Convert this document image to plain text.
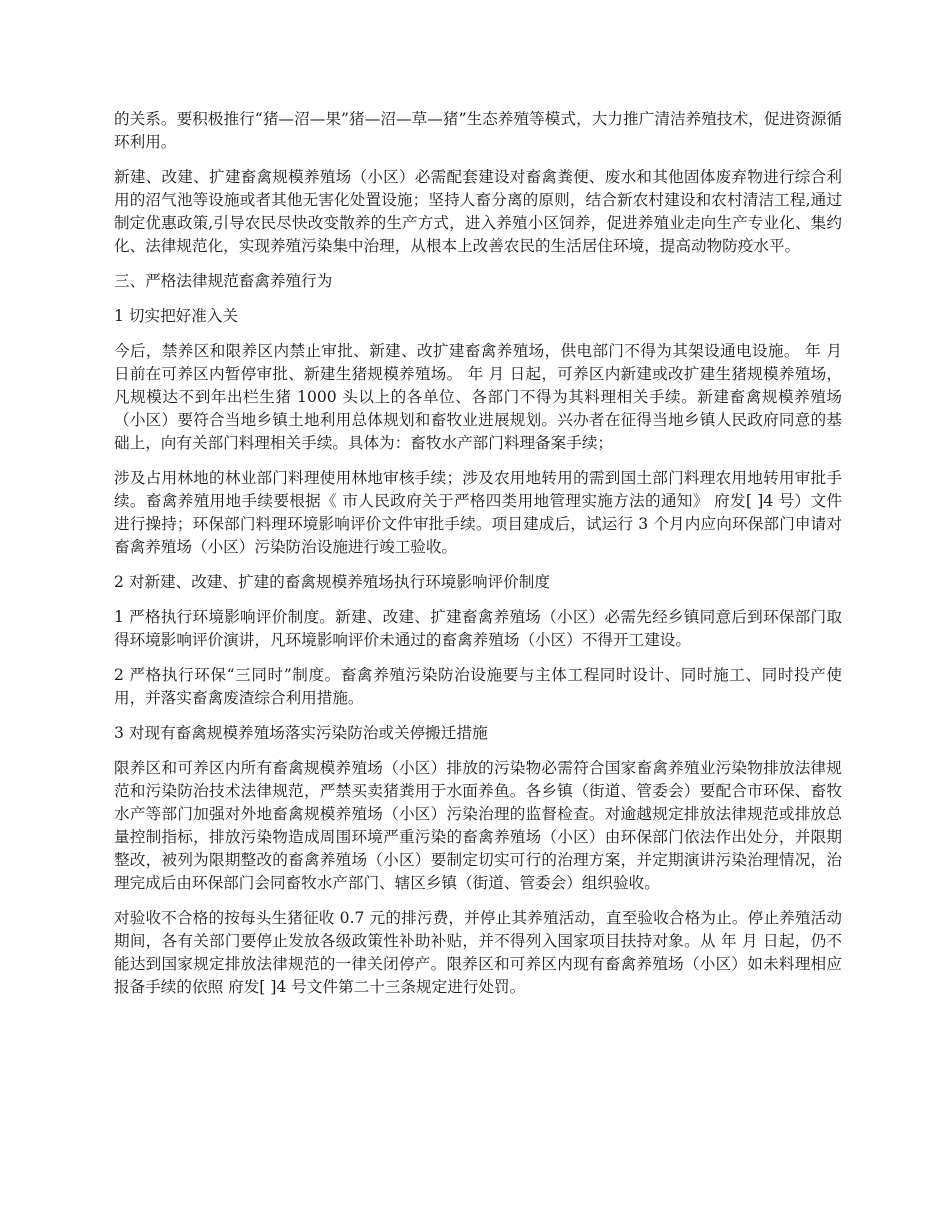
的关系。要积极推行“猪—沼—果”猪—沼—草—猪”生态养殖等模式，大力推广清洁养殖技术，促进资源循环利用。

新建、改建、扩建畜禽规模养殖场（小区）必需配套建设对畜禽粪便、废水和其他固体废弃物进行综合利用的沼气池等设施或者其他无害化处置设施；坚持人畜分离的原则，结合新农村建设和农村清洁工程,通过制定优惠政策,引导农民尽快改变散养的生产方式，进入养殖小区饲养，促进养殖业走向生产专业化、集约化、法律规范化，实现养殖污染集中治理，从根本上改善农民的生活居住环境，提高动物防疫水平。

三、严格法律规范畜禽养殖行为

1 切实把好准入关

今后，禁养区和限养区内禁止审批、新建、改扩建畜禽养殖场，供电部门不得为其架设通电设施。 年 月 日前在可养区内暂停审批、新建生猪规模养殖场。 年 月 日起，可养区内新建或改扩建生猪规模养殖场，凡规模达不到年出栏生猪 1000 头以上的各单位、各部门不得为其料理相关手续。新建畜禽规模养殖场（小区）要符合当地乡镇土地利用总体规划和畜牧业进展规划。兴办者在征得当地乡镇人民政府同意的基础上，向有关部门料理相关手续。具体为：畜牧水产部门料理备案手续；

涉及占用林地的林业部门料理使用林地审核手续；涉及农用地转用的需到国土部门料理农用地转用审批手续。畜禽养殖用地手续要根据《 市人民政府关于严格四类用地管理实施方法的通知》 府发[ ]4 号）文件进行操持；环保部门料理环境影响评价文件审批手续。项目建成后，试运行 3 个月内应向环保部门申请对畜禽养殖场（小区）污染防治设施进行竣工验收。

2 对新建、改建、扩建的畜禽规模养殖场执行环境影响评价制度

1 严格执行环境影响评价制度。新建、改建、扩建畜禽养殖场（小区）必需先经乡镇同意后到环保部门取得环境影响评价演讲，凡环境影响评价未通过的畜禽养殖场（小区）不得开工建设。

2 严格执行环保“三同时”制度。畜禽养殖污染防治设施要与主体工程同时设计、同时施工、同时投产使用，并落实畜禽废渣综合利用措施。

3 对现有畜禽规模养殖场落实污染防治或关停搬迁措施

限养区和可养区内所有畜禽规模养殖场（小区）排放的污染物必需符合国家畜禽养殖业污染物排放法律规范和污染防治技术法律规范，严禁买卖猪粪用于水面养鱼。各乡镇（街道、管委会）要配合市环保、畜牧水产等部门加强对外地畜禽规模养殖场（小区）污染治理的监督检查。对逾越规定排放法律规范或排放总量控制指标，排放污染物造成周围环境严重污染的畜禽养殖场（小区）由环保部门依法作出处分，并限期整改，被列为限期整改的畜禽养殖场（小区）要制定切实可行的治理方案，并定期演讲污染治理情况，治理完成后由环保部门会同畜牧水产部门、辖区乡镇（街道、管委会）组织验收。

对验收不合格的按每头生猪征收 0.7 元的排污费，并停止其养殖活动，直至验收合格为止。停止养殖活动期间，各有关部门要停止发放各级政策性补助补贴，并不得列入国家项目扶持对象。从 年 月 日起，仍不能达到国家规定排放法律规范的一律关闭停产。限养区和可养区内现有畜禽养殖场（小区）如未料理相应报备手续的依照 府发[ ]4 号文件第二十三条规定进行处罚。
